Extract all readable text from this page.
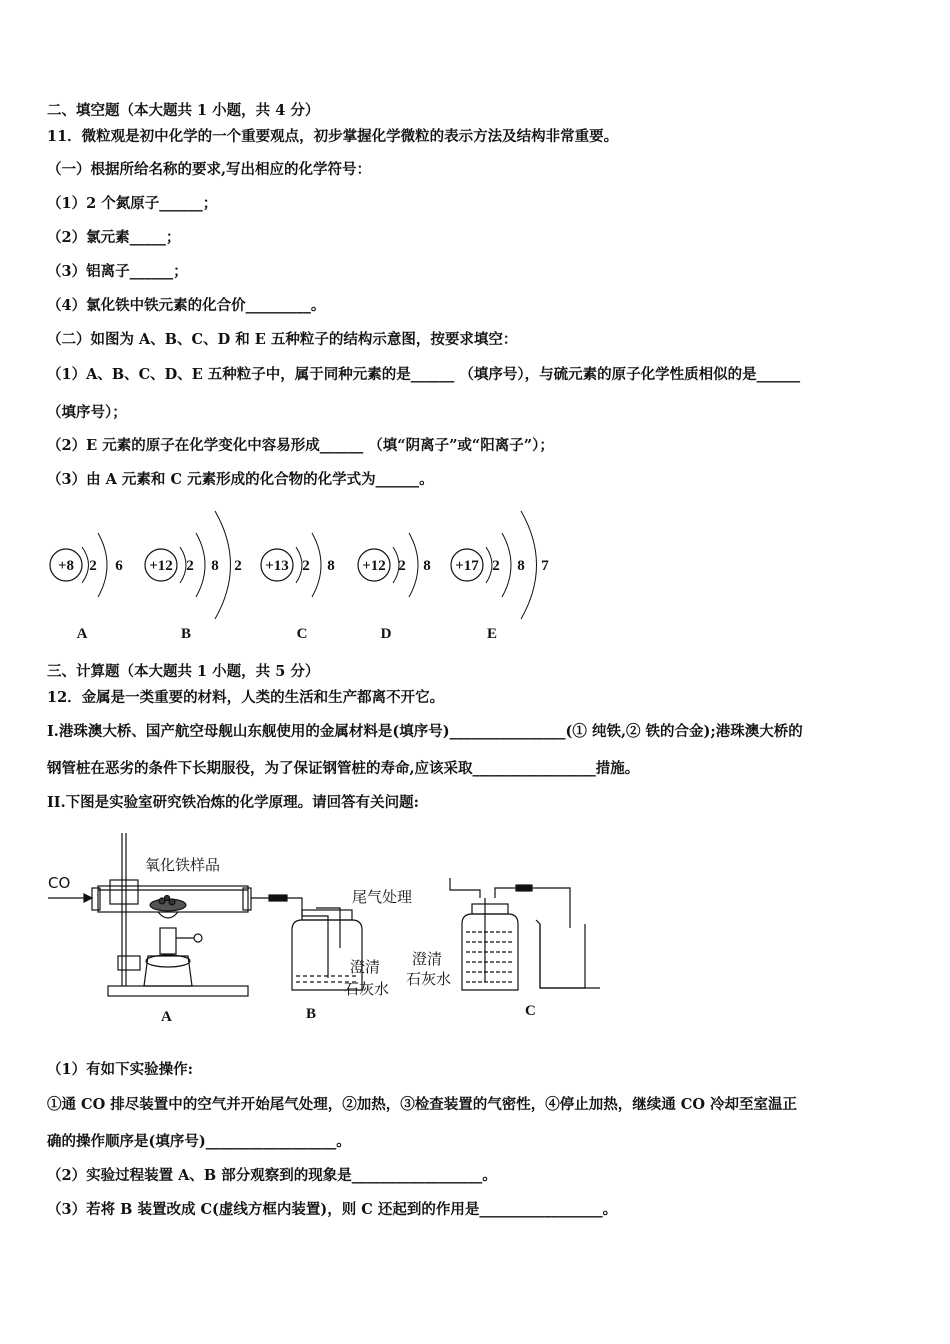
二、填空题（本大题共 1 小题，共 4 分）
11．微粒观是初中化学的一个重要观点，初步掌握化学微粒的表示方法及结构非常重要。
（一）根据所给名称的要求,写出相应的化学符号：
（1）2 个氮原子______；
（2）氯元素_____；
（3）铝离子______；
（4）氯化铁中铁元素的化合价_________。
（二）如图为 A、B、C、D 和 E 五种粒子的结构示意图，按要求填空：
（1）A、B、C、D、E 五种粒子中，属于同种元素的是______ （填序号），与硫元素的原子化学性质相似的是______
（填序号）；
（2）E 元素的原子在化学变化中容易形成______ （填“阴离子”或“阳离子”）；
（3）由 A 元素和 C 元素形成的化合物的化学式为______。
+8 2 6
A
+12 2 8 2
B
+13 2 8
C
+12 2 8
D
+17 2 8 7
E
三、计算题（本大题共 1 小题，共 5 分）
12．金属是一类重要的材料，人类的生活和生产都离不开它。
I.港珠澳大桥、国产航空母舰山东舰使用的金属材料是(填序号)________________(① 纯铁,② 铁的合金);港珠澳大桥的
钢管桩在恶劣的条件下长期服役，为了保证钢管桩的寿命,应该采取_________________措施。
II.下图是实验室研究铁冶炼的化学原理。请回答有关问题:
CO
氧化铁样品
尾气处理
澄清
石灰水
澄清
石灰水
A	B	C
（1）有如下实验操作:
①通 CO 排尽装置中的空气并开始尾气处理，②加热，③检查装置的气密性，④停止加热，继续通 CO 冷却至室温正
确的操作顺序是(填序号)__________________。
（2）实验过程装置 A、B 部分观察到的现象是__________________。
（3）若将 B 装置改成 C(虚线方框内装置)，则 C 还起到的作用是_________________。
